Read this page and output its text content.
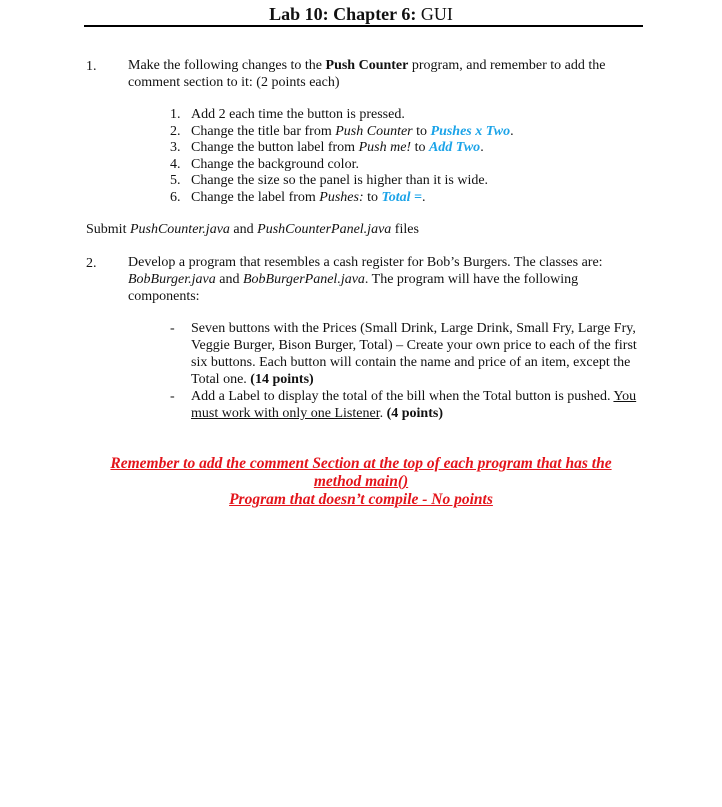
Lab 10: Chapter 6: GUI
1. Make the following changes to the Push Counter program, and remember to add the comment section to it: (2 points each)
1. Add 2 each time the button is pressed.
2. Change the title bar from Push Counter to Pushes x Two.
3. Change the button label from Push me! to Add Two.
4. Change the background color.
5. Change the size so the panel is higher than it is wide.
6. Change the label from Pushes: to Total =.
Submit PushCounter.java and PushCounterPanel.java files
2. Develop a program that resembles a cash register for Bob’s Burgers. The classes are: BobBurger.java and BobBurgerPanel.java. The program will have the following components:
- Seven buttons with the Prices (Small Drink, Large Drink, Small Fry, Large Fry, Veggie Burger, Bison Burger, Total) – Create your own price to each of the first six buttons. Each button will contain the name and price of an item, except the Total one. (14 points)
- Add a Label to display the total of the bill when the Total button is pushed. You must work with only one Listener. (4 points)
Remember to add the comment Section at the top of each program that has the
method main()
Program that doesn’t compile - No points
